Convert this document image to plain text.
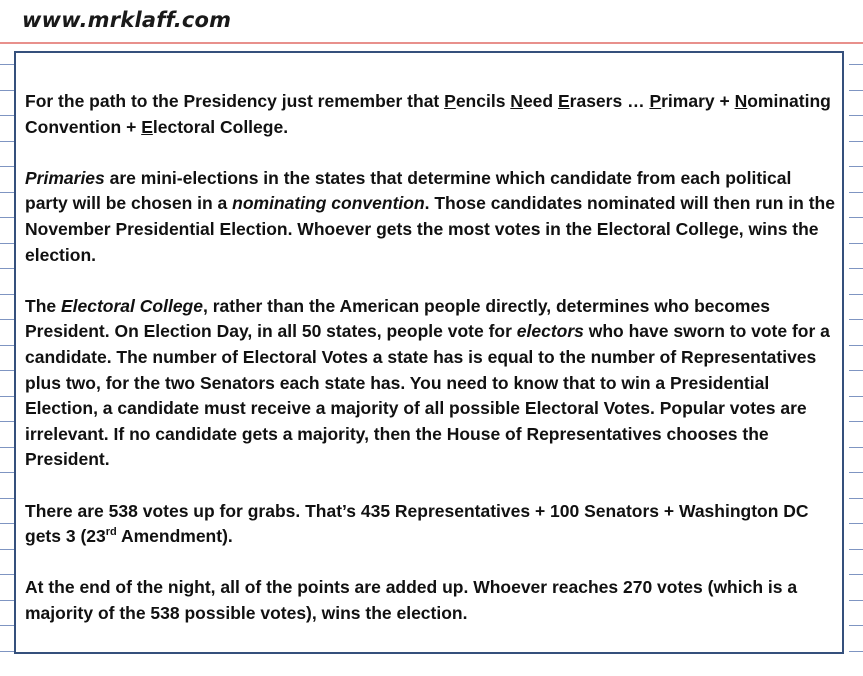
www.mrklaff.com

For the path to the Presidency just remember that Pencils Need Erasers … Primary + Nominating Convention + Electoral College.

Primaries are mini-elections in the states that determine which candidate from each political party will be chosen in a nominating convention. Those candidates nominated will then run in the November Presidential Election. Whoever gets the most votes in the Electoral College, wins the election.

The Electoral College, rather than the American people directly, determines who becomes President. On Election Day, in all 50 states, people vote for electors who have sworn to vote for a candidate. The number of Electoral Votes a state has is equal to the number of Representatives plus two, for the two Senators each state has. You need to know that to win a Presidential Election, a candidate must receive a majority of all possible Electoral Votes. Popular votes are irrelevant. If no candidate gets a majority, then the House of Representatives chooses the President.

There are 538 votes up for grabs. That’s 435 Representatives + 100 Senators + Washington DC gets 3 (23rd Amendment).

At the end of the night, all of the points are added up. Whoever reaches 270 votes (which is a majority of the 538 possible votes), wins the election.
